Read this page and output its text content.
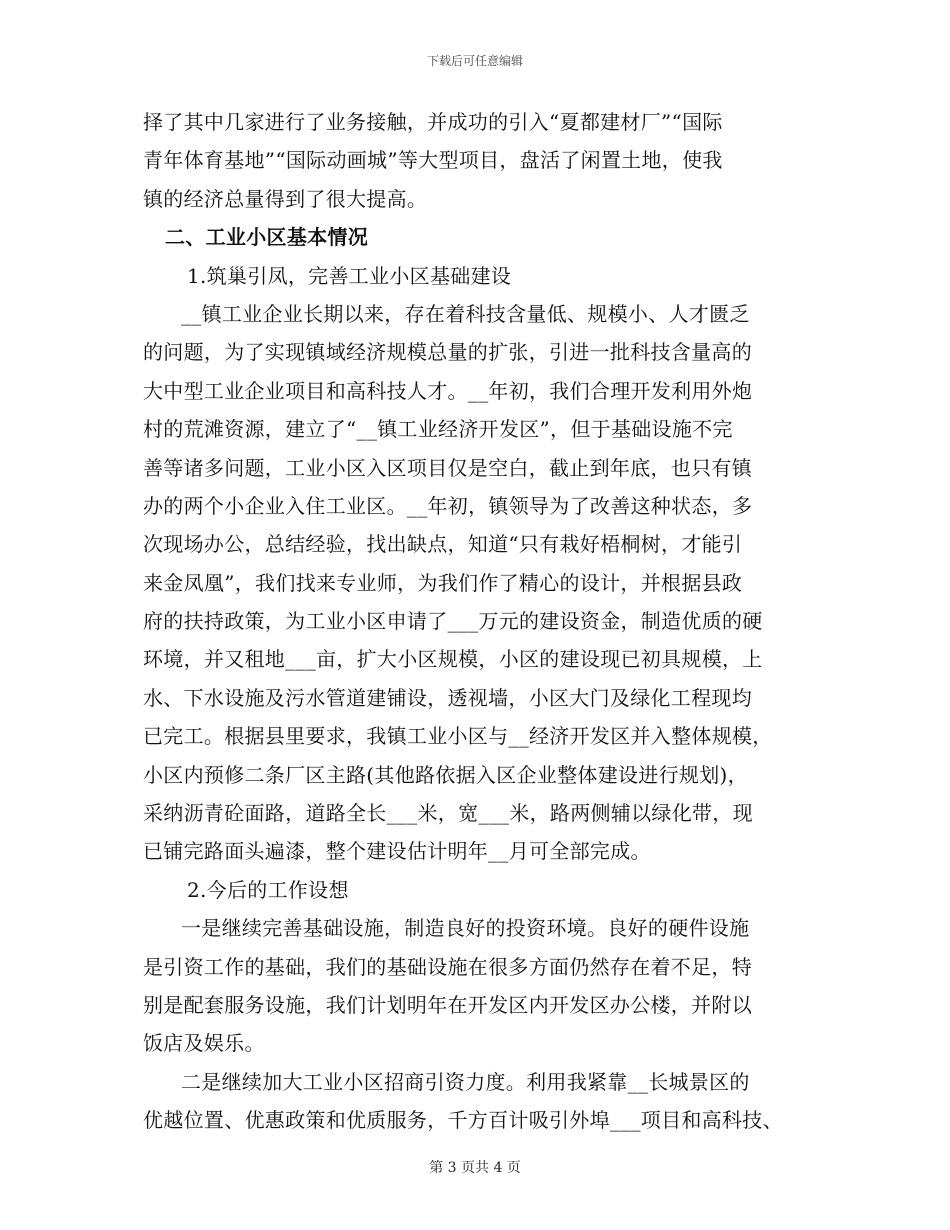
下载后可任意编辑
择了其中几家进行了业务接触，并成功的引入“夏都建材厂”“国际
青年体育基地”“国际动画城”等大型项目，盘活了闲置土地，使我
镇的经济总量得到了很大提高。
二、工业小区基本情况
1.筑巢引凤，完善工业小区基础建设
__镇工业企业长期以来，存在着科技含量低、规模小、人才匮乏
的问题，为了实现镇域经济规模总量的扩张，引进一批科技含量高的
大中型工业企业项目和高科技人才。__年初，我们合理开发利用外炮
村的荒滩资源，建立了“__镇工业经济开发区”，但于基础设施不完
善等诸多问题，工业小区入区项目仅是空白，截止到年底，也只有镇
办的两个小企业入住工业区。__年初，镇领导为了改善这种状态，多
次现场办公，总结经验，找出缺点，知道“只有栽好梧桐树，才能引
来金凤凰”，我们找来专业师，为我们作了精心的设计，并根据县政
府的扶持政策，为工业小区申请了___万元的建设资金，制造优质的硬
环境，并又租地___亩，扩大小区规模，小区的建设现已初具规模，上
水、下水设施及污水管道建铺设，透视墙，小区大门及绿化工程现均
已完工。根据县里要求，我镇工业小区与__经济开发区并入整体规模，
小区内预修二条厂区主路(其他路依据入区企业整体建设进行规划)，
采纳沥青砼面路，道路全长___米，宽___米，路两侧辅以绿化带，现
已铺完路面头遍漆，整个建设估计明年__月可全部完成。
2.今后的工作设想
一是继续完善基础设施，制造良好的投资环境。良好的硬件设施
是引资工作的基础，我们的基础设施在很多方面仍然存在着不足，特
别是配套服务设施，我们计划明年在开发区内开发区办公楼，并附以
饭店及娱乐。
二是继续加大工业小区招商引资力度。利用我紧靠__长城景区的
优越位置、优惠政策和优质服务，千方百计吸引外埠___项目和高科技、
第 3 页共 4 页
